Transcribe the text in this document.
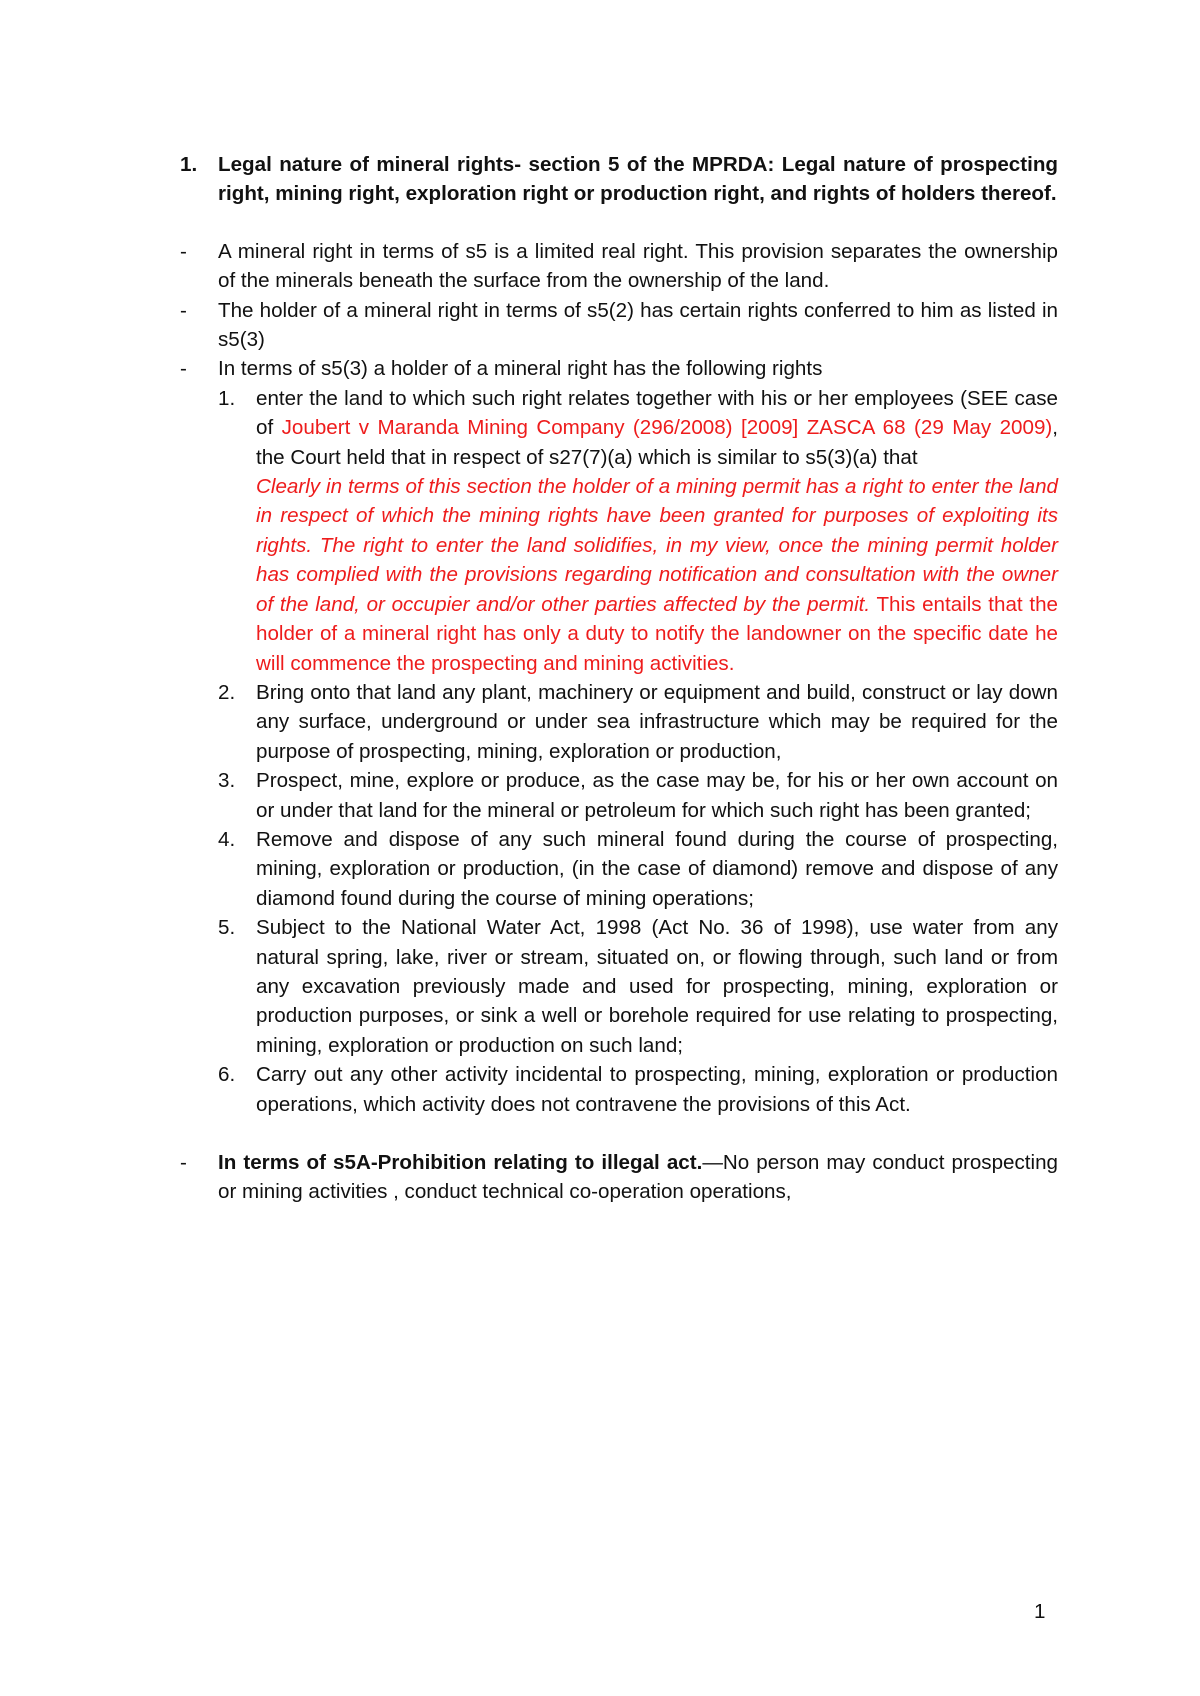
1.	Legal nature of mineral rights- section 5 of the MPRDA: Legal nature of prospecting right, mining right, exploration right or production right, and rights of holders thereof.
-	A mineral right in terms of s5 is a limited real right. This provision separates the ownership of the minerals beneath the surface from the ownership of the land.
-	The holder of a mineral right in terms of s5(2) has certain rights conferred to him as listed in s5(3)
-	In terms of s5(3) a holder of a mineral right has the following rights
1.	enter the land to which such right relates together with his or her employees (SEE case of Joubert v Maranda Mining Company (296/2008) [2009] ZASCA 68 (29 May 2009), the Court held that in respect of s27(7)(a) which is similar to s5(3)(a) that
Clearly in terms of this section the holder of a mining permit has a right to enter the land in respect of which the mining rights have been granted for purposes of exploiting its rights. The right to enter the land solidifies, in my view, once the mining permit holder has complied with the provisions regarding notification and consultation with the owner of the land, or occupier and/or other parties affected by the permit. This entails that the holder of a mineral right has only a duty to notify the landowner on the specific date he will commence the prospecting and mining activities.
2.	Bring onto that land any plant, machinery or equipment and build, construct or lay down any surface, underground or under sea infrastructure which may be required for the purpose of prospecting, mining, exploration or production,
3.	Prospect, mine, explore or produce, as the case may be, for his or her own account on or under that land for the mineral or petroleum for which such right has been granted;
4.	Remove and dispose of any such mineral found during the course of prospecting, mining, exploration or production, (in the case of diamond) remove and dispose of any diamond found during the course of mining operations;
5.	Subject to the National Water Act, 1998 (Act No. 36 of 1998), use water from any natural spring, lake, river or stream, situated on, or flowing through, such land or from any excavation previously made and used for prospecting, mining, exploration or production purposes, or sink a well or borehole required for use relating to prospecting, mining, exploration or production on such land;
6.	Carry out any other activity incidental to prospecting, mining, exploration or production operations, which activity does not contravene the provisions of this Act.
-	In terms of s5A-Prohibition relating to illegal act.—No person may conduct prospecting or mining activities , conduct technical co-operation operations,
1
